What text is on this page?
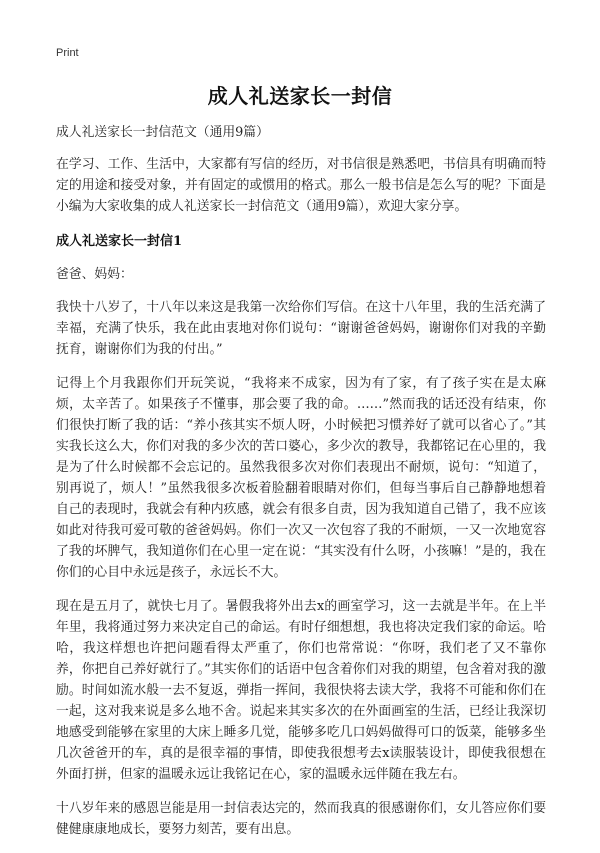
Print
成人礼送家长一封信

成人礼送家长一封信范文（通用9篇）

在学习、工作、生活中，大家都有写信的经历，对书信很是熟悉吧，书信具有明确而特定的用途和接受对象，并有固定的或惯用的格式。那么一般书信是怎么写的呢？下面是小编为大家收集的成人礼送家长一封信范文（通用9篇），欢迎大家分享。

成人礼送家长一封信1

爸爸、妈妈：

我快十八岁了，十八年以来这是我第一次给你们写信。在这十八年里，我的生活充满了幸福，充满了快乐，我在此由衷地对你们说句：“谢谢爸爸妈妈，谢谢你们对我的辛勤抚育，谢谢你们为我的付出。”

记得上个月我跟你们开玩笑说，“我将来不成家，因为有了家，有了孩子实在是太麻烦，太辛苦了。如果孩子不懂事，那会要了我的命。……”然而我的话还没有结束，你们很快打断了我的话：“养小孩其实不烦人呀，小时候把习惯养好了就可以省心了。”其实我长这么大，你们对我的多少次的苦口婆心，多少次的教导，我都铭记在心里的，我是为了什么时候都不会忘记的。虽然我很多次对你们表现出不耐烦，说句：“知道了，别再说了，烦人！”虽然我很多次板着脸翻着眼睛对你们，但每当事后自己静静地想着自己的表现时，我就会有种内疚感，就会有很多自责，因为我知道自己错了，我不应该如此对待我可爱可敬的爸爸妈妈。你们一次又一次包容了我的不耐烦，一又一次地宽容了我的坏脾气，我知道你们在心里一定在说：“其实没有什么呀，小孩嘛！”是的，我在你们的心目中永远是孩子，永远长不大。

现在是五月了，就快七月了。暑假我将外出去x的画室学习，这一去就是半年。在上半年里，我将通过努力来决定自己的命运。有时仔细想想，我也将决定我们家的命运。哈哈，我这样想也许把问题看得太严重了，你们也常常说：“你呀，我们老了又不靠你养，你把自己养好就行了。”其实你们的话语中包含着你们对我的期望，包含着对我的激励。时间如流水般一去不复返，弹指一挥间，我很快将去读大学，我将不可能和你们在一起，这对我来说是多么地不舍。说起来其实多次的在外面画室的生活，已经让我深切地感受到能够在家里的大床上睡多几觉，能够多吃几口妈妈做得可口的饭菜，能够多坐几次爸爸开的车，真的是很幸福的事情，即使我很想考去x读服装设计，即使我很想在外面打拼，但家的温暖永远让我铭记在心，家的温暖永远伴随在我左右。

十八岁年来的感恩岂能是用一封信表达完的，然而我真的很感谢你们，女儿答应你们要健健康康地成长，要努力刻苦，要有出息。
